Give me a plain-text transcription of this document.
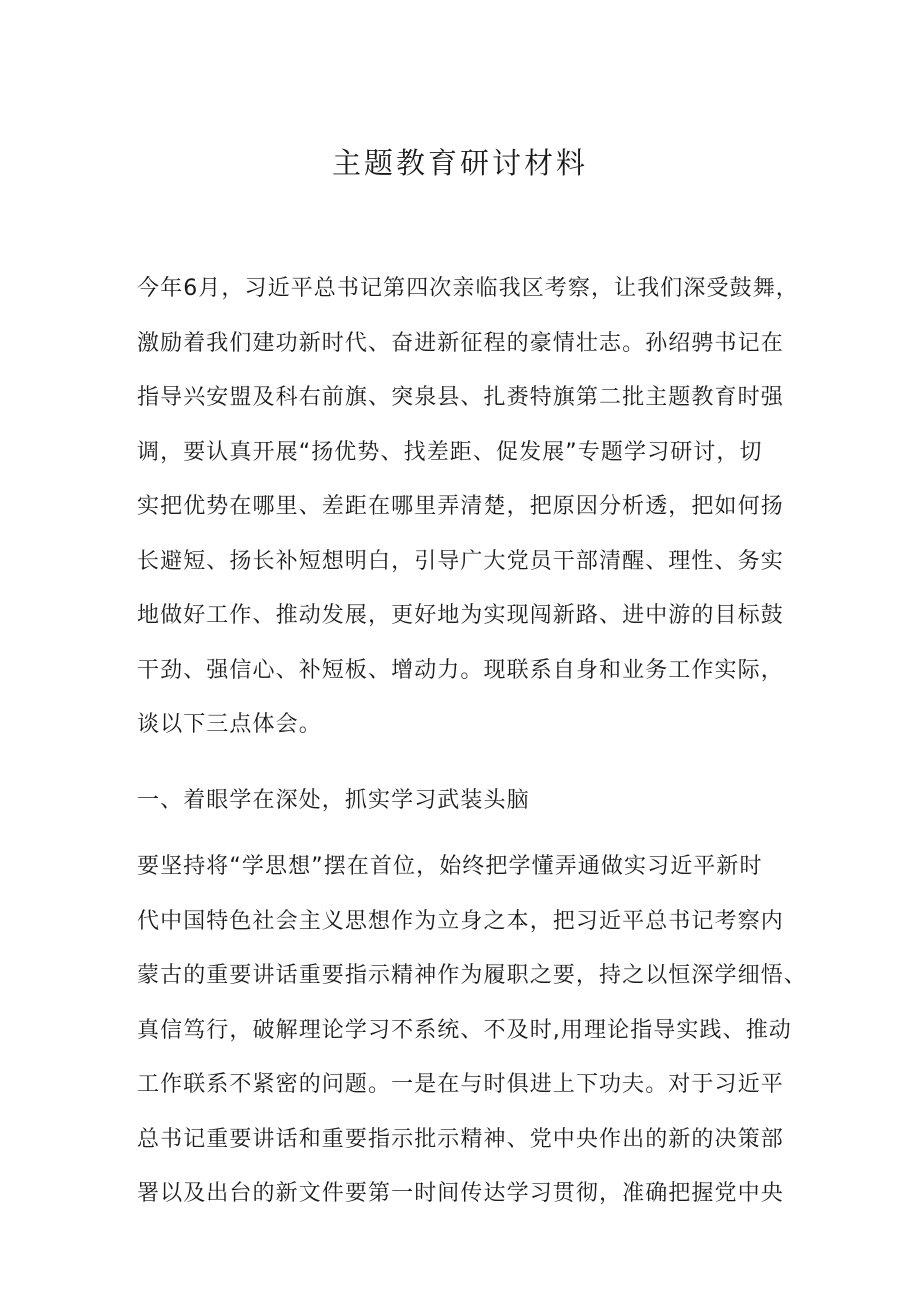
主题教育研讨材料
今年6月，习近平总书记第四次亲临我区考察，让我们深受鼓舞，
激励着我们建功新时代、奋进新征程的豪情壮志。孙绍骋书记在
指导兴安盟及科右前旗、突泉县、扎赉特旗第二批主题教育时强
调，要认真开展“扬优势、找差距、促发展”专题学习研讨，切
实把优势在哪里、差距在哪里弄清楚，把原因分析透，把如何扬
长避短、扬长补短想明白，引导广大党员干部清醒、理性、务实
地做好工作、推动发展，更好地为实现闯新路、进中游的目标鼓
干劲、强信心、补短板、增动力。现联系自身和业务工作实际，
谈以下三点体会。
一、着眼学在深处，抓实学习武装头脑
要坚持将“学思想”摆在首位，始终把学懂弄通做实习近平新时
代中国特色社会主义思想作为立身之本，把习近平总书记考察内
蒙古的重要讲话重要指示精神作为履职之要，持之以恒深学细悟、
真信笃行，破解理论学习不系统、不及时,用理论指导实践、推动
工作联系不紧密的问题。一是在与时俱进上下功夫。对于习近平
总书记重要讲话和重要指示批示精神、党中央作出的新的决策部
署以及出台的新文件要第一时间传达学习贯彻，准确把握党中央
